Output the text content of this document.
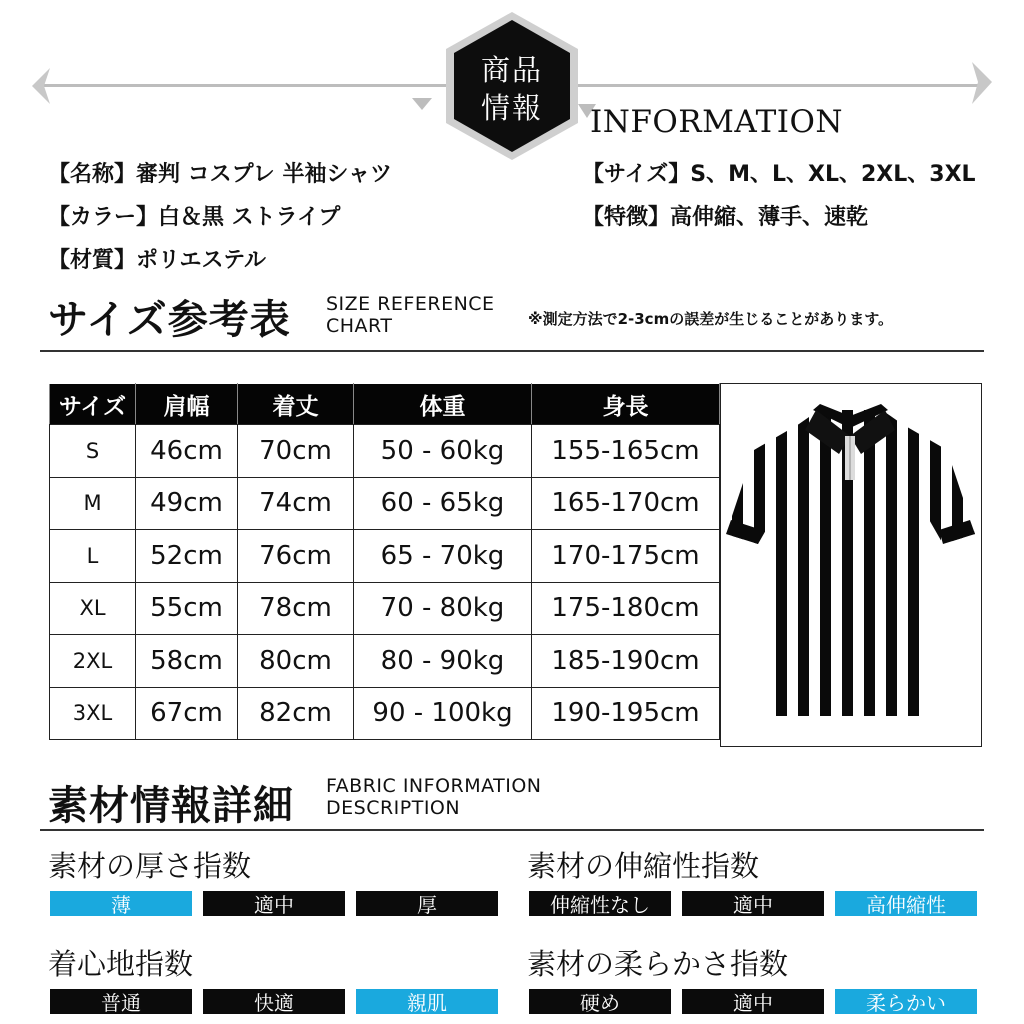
商品
情報	INFORMATION
【名称】審判 コスプレ 半袖シャツ
【カラー】白＆黒 ストライプ
【材質】ポリエステル
【サイズ】S、M、L、XL、2XL、3XL
【特徴】高伸縮、薄手、速乾
サイズ参考表 SIZE REFERENCE
CHART	※測定方法で2-3cmの誤差が生じることがあります。
サイズ	肩幅	着丈	体重	身長
S	46cm	70cm	50 - 60kg	155-165cm
M	49cm	74cm	60 - 65kg	165-170cm
L	52cm	76cm	65 - 70kg	170-175cm
XL	55cm	78cm	70 - 80kg	175-180cm
2XL	58cm	80cm	80 - 90kg	185-190cm
3XL	67cm	82cm	90 - 100kg	190-195cm
素材情報詳細 FABRIC INFORMATION
DESCRIPTION
素材の厚さ指数
薄	適中	厚
素材の伸縮性指数
伸縮性なし	適中	高伸縮性
着心地指数
普通	快適	親肌
素材の柔らかさ指数
硬め	適中	柔らかい
